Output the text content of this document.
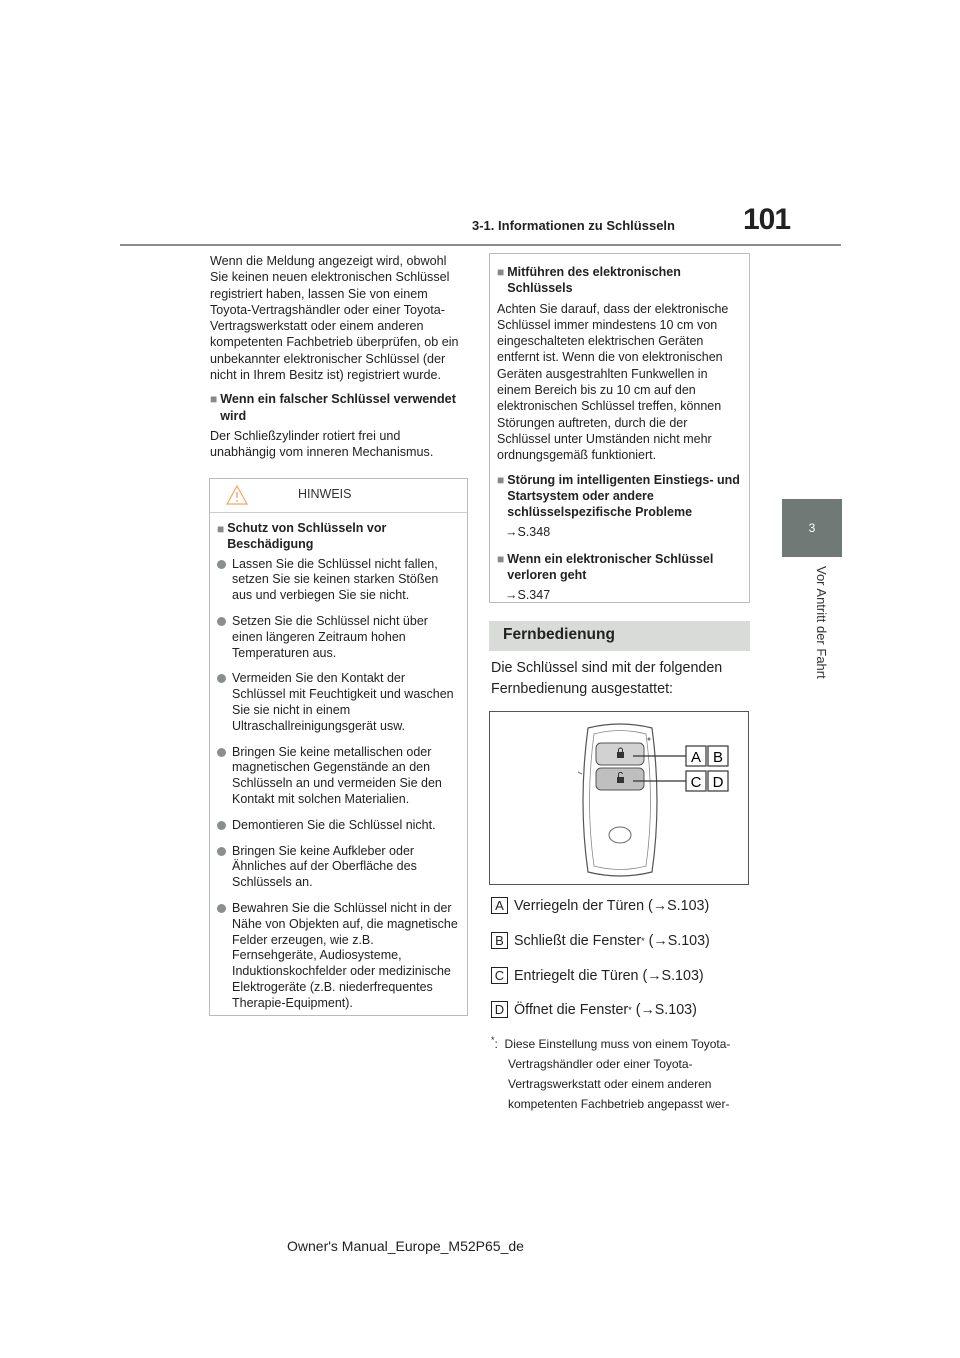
3-1. Informationen zu Schlüsseln 101
3
Vor Antritt der Fahrt

Wenn die Meldung angezeigt wird, obwohl Sie keinen neuen elektronischen Schlüssel registriert haben, lassen Sie von einem Toyota-Vertragshändler oder einer Toyota-Vertragswerkstatt oder einem anderen kompetenten Fachbetrieb überprüfen, ob ein unbekannter elektronischer Schlüssel (der nicht in Ihrem Besitz ist) registriert wurde.

■ Wenn ein falscher Schlüssel verwendet wird

Der Schließzylinder rotiert frei und unabhängig vom inneren Mechanismus.

HINWEIS
■ Schutz von Schlüsseln vor Beschädigung
Lassen Sie die Schlüssel nicht fallen, setzen Sie sie keinen starken Stößen aus und verbiegen Sie sie nicht.
Setzen Sie die Schlüssel nicht über einen längeren Zeitraum hohen Temperaturen aus.
Vermeiden Sie den Kontakt der Schlüssel mit Feuchtigkeit und waschen Sie sie nicht in einem Ultraschallreinigungsgerät usw.
Bringen Sie keine metallischen oder magnetischen Gegenstände an den Schlüsseln an und vermeiden Sie den Kontakt mit solchen Materialien.
Demontieren Sie die Schlüssel nicht.
Bringen Sie keine Aufkleber oder Ähnliches auf der Oberfläche des Schlüssels an.
Bewahren Sie die Schlüssel nicht in der Nähe von Objekten auf, die magnetische Felder erzeugen, wie z.B. Fernsehgeräte, Audiosysteme, Induktionskochfelder oder medizinische Elektrogeräte (z.B. niederfrequentes Therapie-Equipment).
■ Mitführen des elektronischen Schlüssels

Achten Sie darauf, dass der elektronische Schlüssel immer mindestens 10 cm von eingeschalteten elektrischen Geräten entfernt ist. Wenn die von elektronischen Geräten ausgestrahlten Funkwellen in einem Bereich bis zu 10 cm auf den elektronischen Schlüssel treffen, können Störungen auftreten, durch die der Schlüssel unter Umständen nicht mehr ordnungsgemäß funktioniert.

■ Störung im intelligenten Einstiegs- und Startsystem oder andere schlüsselspezifische Probleme

→S.348

■ Wenn ein elektronischer Schlüssel verloren geht

→S.347

Fernbedienung
Die Schlüssel sind mit der folgenden Fernbedienung ausgestattet:
A B
C D
A Verriegeln der Türen (→S.103)
B Schließt die Fenster *
(→S.103)
C Entriegelt die Türen (→S.103)
D Öffnet die Fenster *
(→S.103)
*:  Diese Einstellung muss von einem Toyota-Vertragshändler oder einer Toyota-Vertragswerkstatt oder einem anderen kompetenten Fachbetrieb angepasst wer-
Owner's Manual_Europe_M52P65_de
